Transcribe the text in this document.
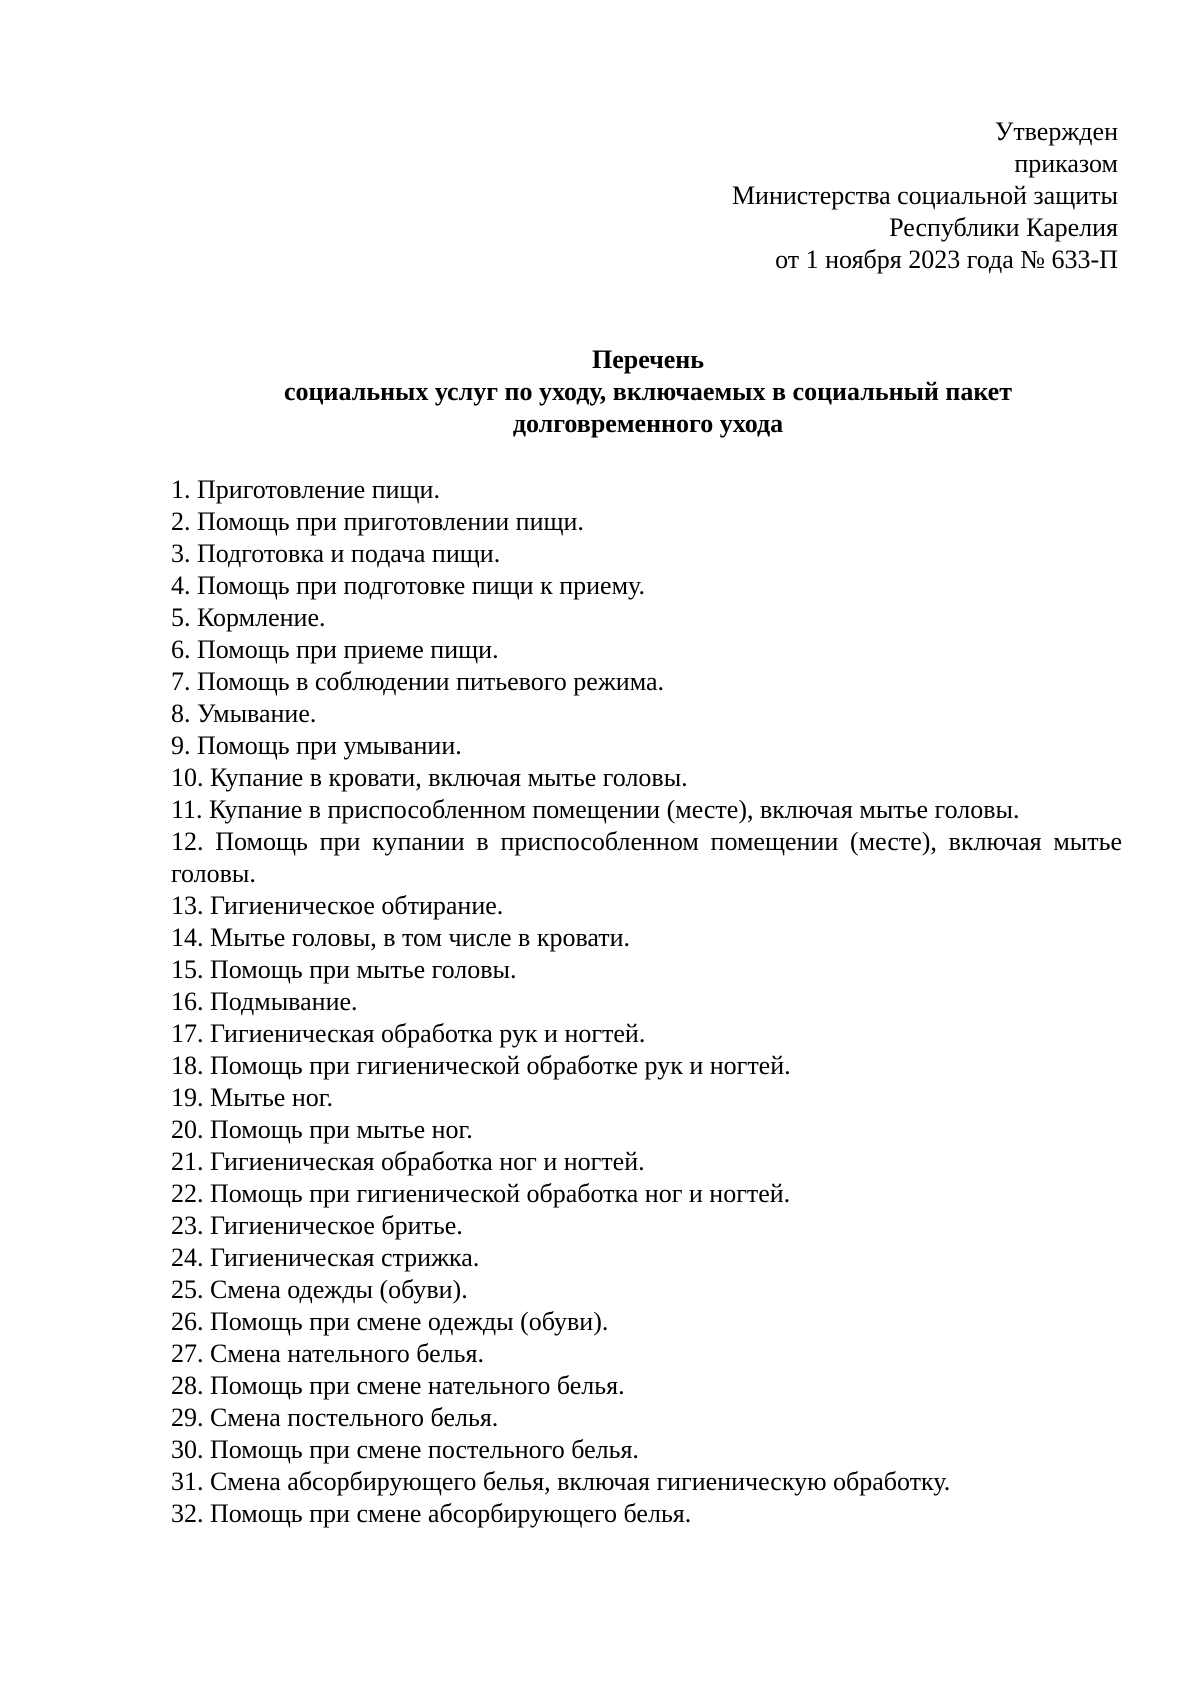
Утвержден
приказом
Министерства социальной защиты
Республики Карелия
от 1 ноября 2023 года № 633-П
Перечень
социальных услуг по уходу, включаемых в социальный пакет
долговременного ухода
1. Приготовление пищи.
2. Помощь при приготовлении пищи.
3. Подготовка и подача пищи.
4. Помощь при подготовке пищи к приему.
5. Кормление.
6. Помощь при приеме пищи.
7. Помощь в соблюдении питьевого режима.
8. Умывание.
9. Помощь при умывании.
10. Купание в кровати, включая мытье головы.
11. Купание в приспособленном помещении (месте), включая мытье головы.
12. Помощь при купании в приспособленном помещении (месте), включая мытье головы.
13. Гигиеническое обтирание.
14. Мытье головы, в том числе в кровати.
15. Помощь при мытье головы.
16. Подмывание.
17. Гигиеническая обработка рук и ногтей.
18. Помощь при гигиенической обработке рук и ногтей.
19. Мытье ног.
20. Помощь при мытье ног.
21. Гигиеническая обработка ног и ногтей.
22. Помощь при гигиенической обработка ног и ногтей.
23. Гигиеническое бритье.
24. Гигиеническая стрижка.
25. Смена одежды (обуви).
26. Помощь при смене одежды (обуви).
27. Смена нательного белья.
28. Помощь при смене нательного белья.
29. Смена постельного белья.
30. Помощь при смене постельного белья.
31. Смена абсорбирующего белья, включая гигиеническую обработку.
32. Помощь при смене абсорбирующего белья.
